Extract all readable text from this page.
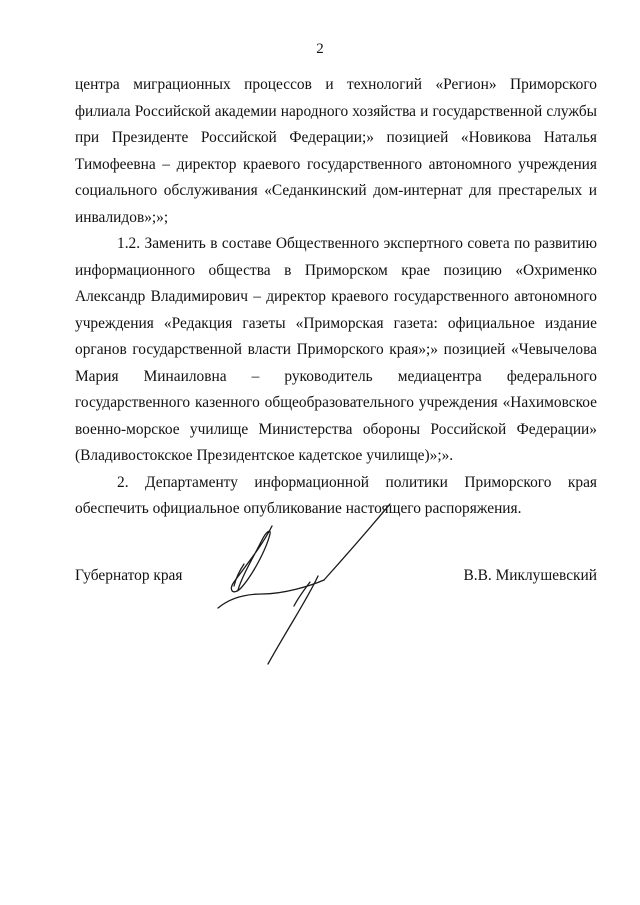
2

центра миграционных процессов и технологий «Регион» Приморского филиала Российской академии народного хозяйства и государственной службы при Президенте Российской Федерации;» позицией «Новикова Наталья Тимофеевна – директор краевого государственного автономного учреждения социального обслуживания «Седанкинский дом-интернат для престарелых и инвалидов»;»;

1.2. Заменить в составе Общественного экспертного совета по развитию информационного общества в Приморском крае позицию «Охрименко Александр Владимирович – директор краевого государственного автономного учреждения «Редакция газеты «Приморская газета: официальное издание органов государственной власти Приморского края»;» позицией «Чевычелова Мария Минаиловна – руководитель медиацентра федерального государственного казенного общеобразовательного учреждения «Нахимовское военно-морское училище Министерства обороны Российской Федерации» (Владивостокское Президентское кадетское училище)»;».

2. Департаменту информационной политики Приморского края обеспечить официальное опубликование настоящего распоряжения.

Губернатор края	В.В. Миклушевский
